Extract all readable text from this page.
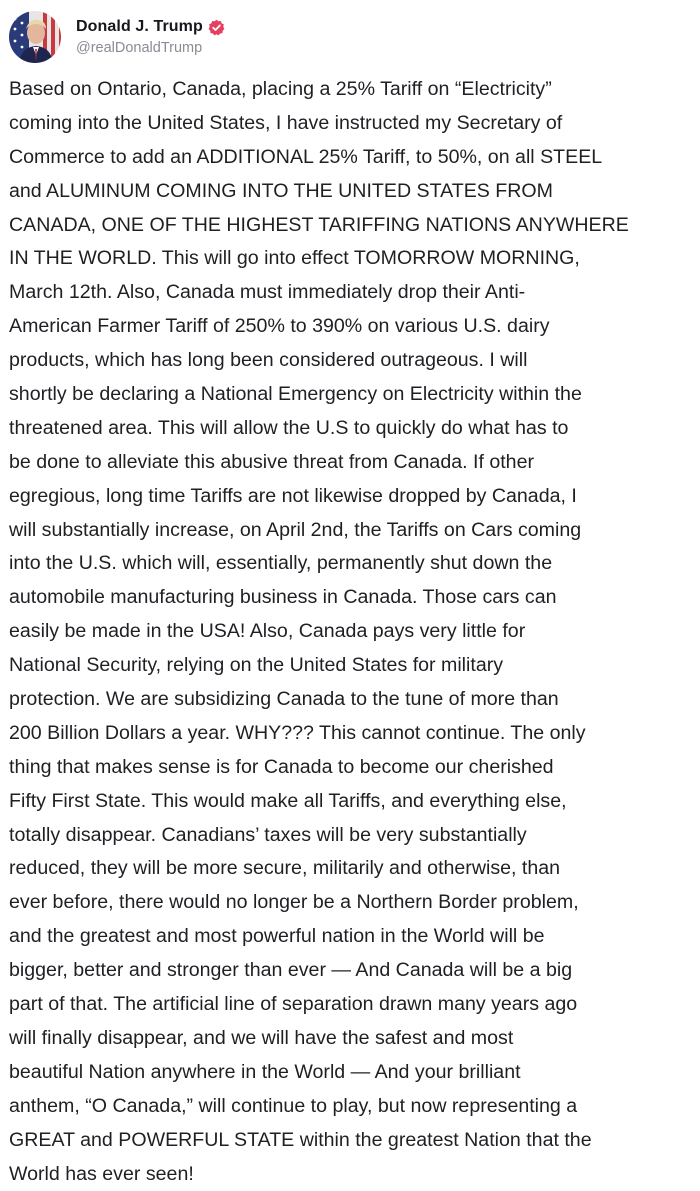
Donald J. Trump
@realDonaldTrump
Based on Ontario, Canada, placing a 25% Tariff on “Electricity”
coming into the United States, I have instructed my Secretary of
Commerce to add an ADDITIONAL 25% Tariff, to 50%, on all STEEL
and ALUMINUM COMING INTO THE UNITED STATES FROM
CANADA, ONE OF THE HIGHEST TARIFFING NATIONS ANYWHERE
IN THE WORLD. This will go into effect TOMORROW MORNING,
March 12th. Also, Canada must immediately drop their Anti-
American Farmer Tariff of 250% to 390% on various U.S. dairy
products, which has long been considered outrageous. I will
shortly be declaring a National Emergency on Electricity within the
threatened area. This will allow the U.S to quickly do what has to
be done to alleviate this abusive threat from Canada. If other
egregious, long time Tariffs are not likewise dropped by Canada, I
will substantially increase, on April 2nd, the Tariffs on Cars coming
into the U.S. which will, essentially, permanently shut down the
automobile manufacturing business in Canada. Those cars can
easily be made in the USA! Also, Canada pays very little for
National Security, relying on the United States for military
protection. We are subsidizing Canada to the tune of more than
200 Billion Dollars a year. WHY??? This cannot continue. The only
thing that makes sense is for Canada to become our cherished
Fifty First State. This would make all Tariffs, and everything else,
totally disappear. Canadians’ taxes will be very substantially
reduced, they will be more secure, militarily and otherwise, than
ever before, there would no longer be a Northern Border problem,
and the greatest and most powerful nation in the World will be
bigger, better and stronger than ever — And Canada will be a big
part of that. The artificial line of separation drawn many years ago
will finally disappear, and we will have the safest and most
beautiful Nation anywhere in the World — And your brilliant
anthem, “O Canada,” will continue to play, but now representing a
GREAT and POWERFUL STATE within the greatest Nation that the
World has ever seen!
